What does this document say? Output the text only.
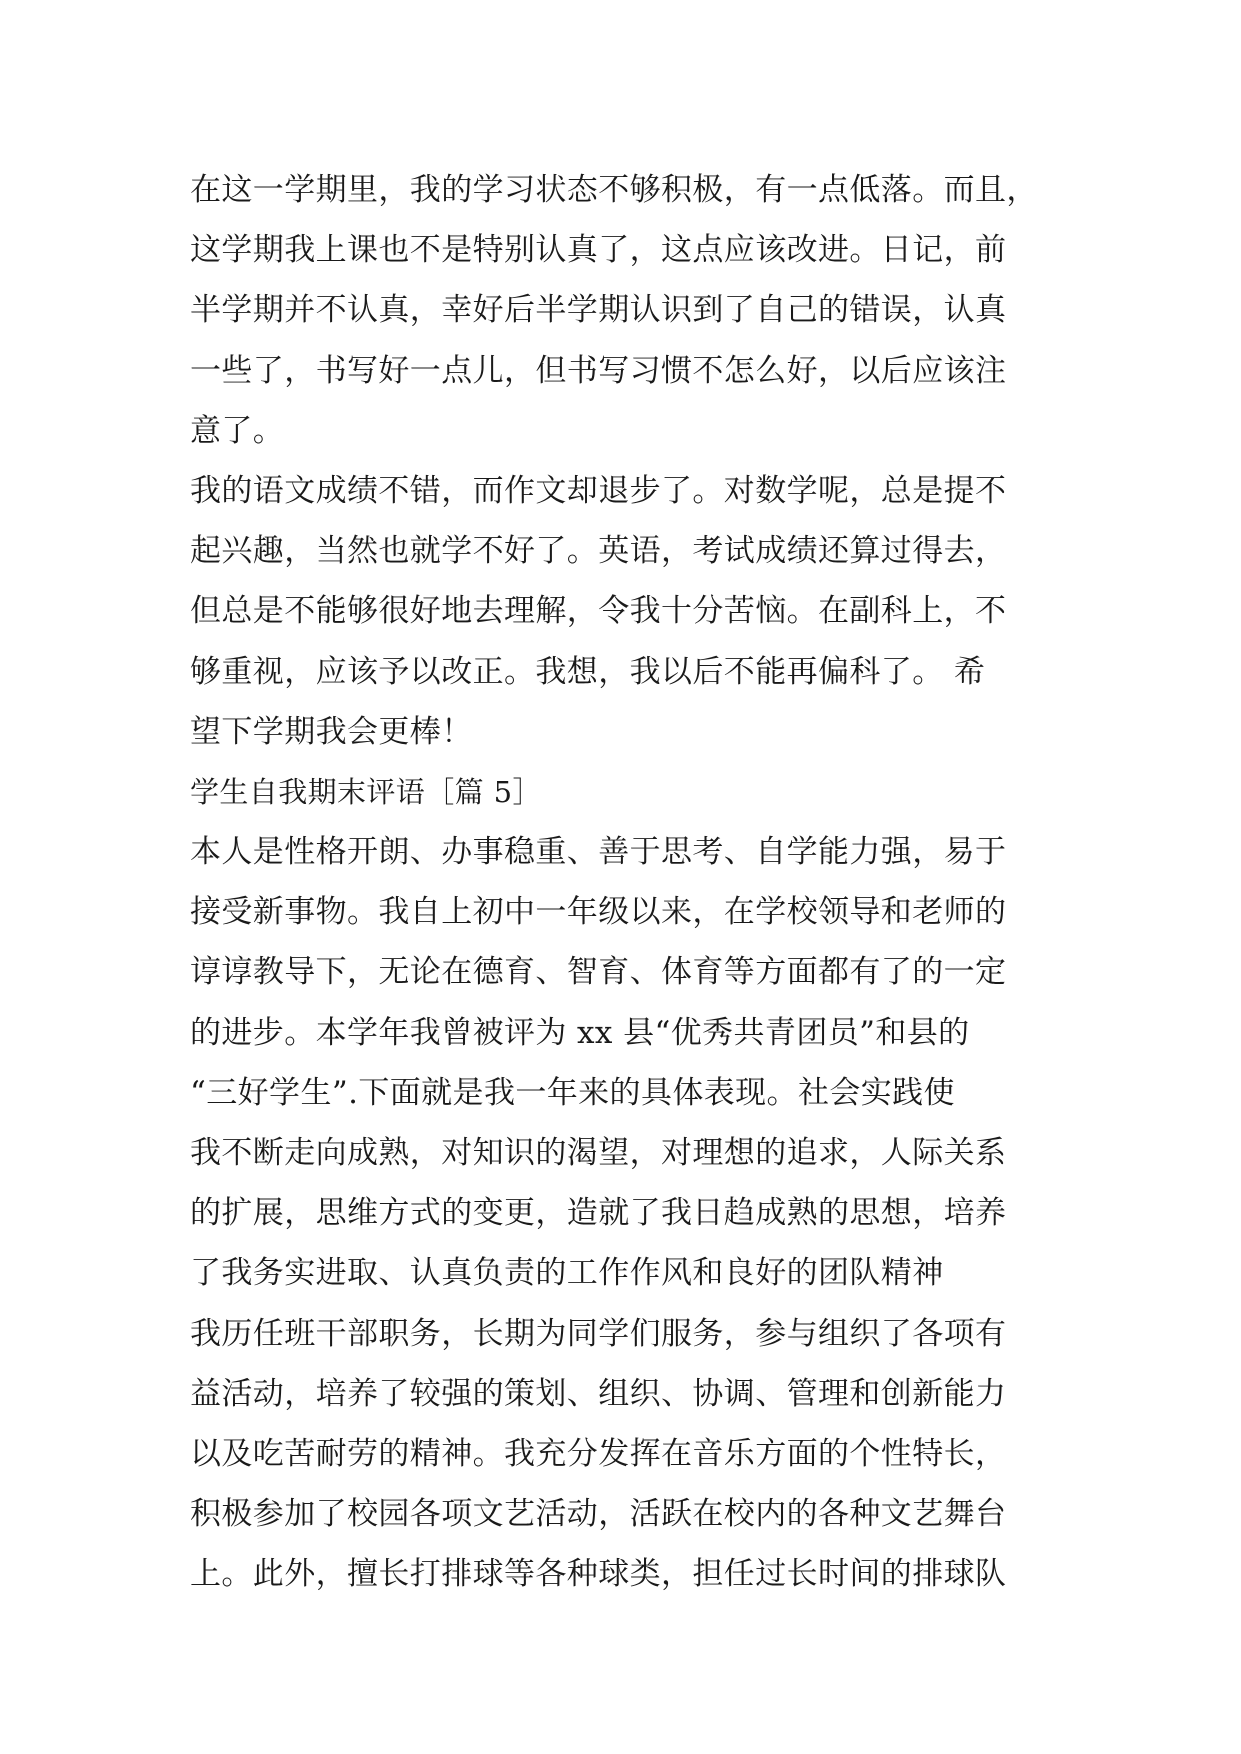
在这一学期里，我的学习状态不够积极，有一点低落。而且，
这学期我上课也不是特别认真了，这点应该改进。日记，前
半学期并不认真，幸好后半学期认识到了自己的错误，认真
一些了，书写好一点儿，但书写习惯不怎么好，以后应该注
意了。
我的语文成绩不错，而作文却退步了。对数学呢，总是提不
起兴趣，当然也就学不好了。英语，考试成绩还算过得去，
但总是不能够很好地去理解，令我十分苦恼。在副科上，不
够重视，应该予以改正。我想，我以后不能再偏科了。 希
望下学期我会更棒！
学生自我期末评语［篇 5］
本人是性格开朗、办事稳重、善于思考、自学能力强，易于
接受新事物。我自上初中一年级以来，在学校领导和老师的
谆谆教导下，无论在德育、智育、体育等方面都有了的一定
的进步。本学年我曾被评为 xx 县“优秀共青团员”和县的
“三好学生”.下面就是我一年来的具体表现。社会实践使
我不断走向成熟，对知识的渴望，对理想的追求，人际关系
的扩展，思维方式的变更，造就了我日趋成熟的思想，培养
了我务实进取、认真负责的工作作风和良好的团队精神
我历任班干部职务，长期为同学们服务，参与组织了各项有
益活动，培养了较强的策划、组织、协调、管理和创新能力
以及吃苦耐劳的精神。我充分发挥在音乐方面的个性特长，
积极参加了校园各项文艺活动，活跃在校内的各种文艺舞台
上。此外，擅长打排球等各种球类，担任过长时间的排球队
